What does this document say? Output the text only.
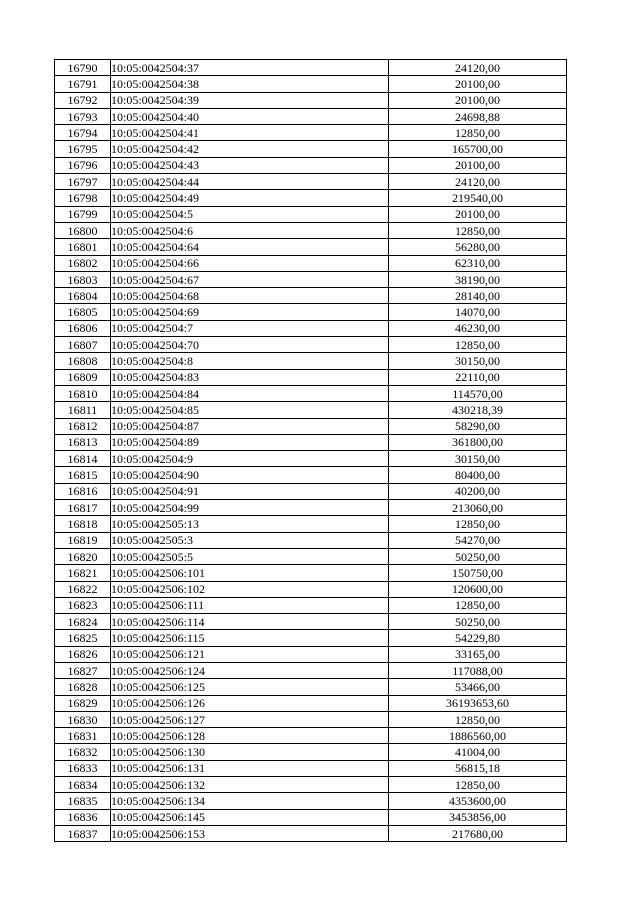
16790	10:05:0042504:37	24120,00
16791	10:05:0042504:38	20100,00
16792	10:05:0042504:39	20100,00
16793	10:05:0042504:40	24698,88
16794	10:05:0042504:41	12850,00
16795	10:05:0042504:42	165700,00
16796	10:05:0042504:43	20100,00
16797	10:05:0042504:44	24120,00
16798	10:05:0042504:49	219540,00
16799	10:05:0042504:5	20100,00
16800	10:05:0042504:6	12850,00
16801	10:05:0042504:64	56280,00
16802	10:05:0042504:66	62310,00
16803	10:05:0042504:67	38190,00
16804	10:05:0042504:68	28140,00
16805	10:05:0042504:69	14070,00
16806	10:05:0042504:7	46230,00
16807	10:05:0042504:70	12850,00
16808	10:05:0042504:8	30150,00
16809	10:05:0042504:83	22110,00
16810	10:05:0042504:84	114570,00
16811	10:05:0042504:85	430218,39
16812	10:05:0042504:87	58290,00
16813	10:05:0042504:89	361800,00
16814	10:05:0042504:9	30150,00
16815	10:05:0042504:90	80400,00
16816	10:05:0042504:91	40200,00
16817	10:05:0042504:99	213060,00
16818	10:05:0042505:13	12850,00
16819	10:05:0042505:3	54270,00
16820	10:05:0042505:5	50250,00
16821	10:05:0042506:101	150750,00
16822	10:05:0042506:102	120600,00
16823	10:05:0042506:111	12850,00
16824	10:05:0042506:114	50250,00
16825	10:05:0042506:115	54229,80
16826	10:05:0042506:121	33165,00
16827	10:05:0042506:124	117088,00
16828	10:05:0042506:125	53466,00
16829	10:05:0042506:126	36193653,60
16830	10:05:0042506:127	12850,00
16831	10:05:0042506:128	1886560,00
16832	10:05:0042506:130	41004,00
16833	10:05:0042506:131	56815,18
16834	10:05:0042506:132	12850,00
16835	10:05:0042506:134	4353600,00
16836	10:05:0042506:145	3453856,00
16837	10:05:0042506:153	217680,00
